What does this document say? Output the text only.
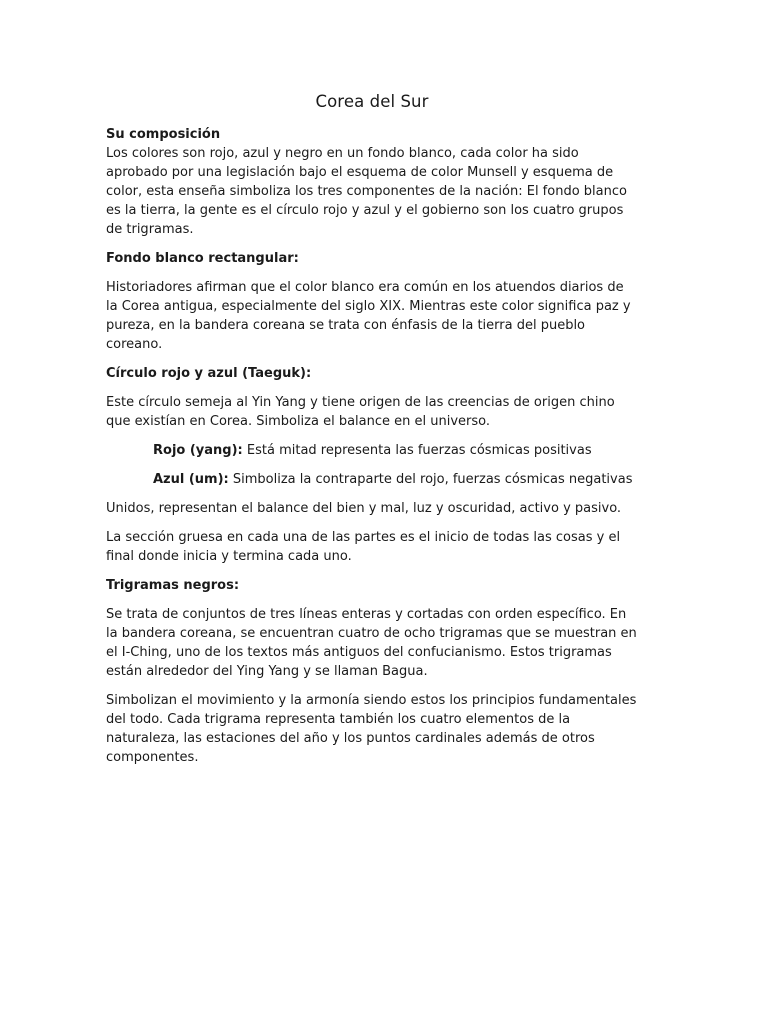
Corea del Sur
Su composición

Los colores son rojo, azul y negro en un fondo blanco, cada color ha sido aprobado por una legislación bajo el esquema de color Munsell y esquema de color, esta enseña simboliza los tres componentes de la nación: El fondo blanco es la tierra, la gente es el círculo rojo y azul y el gobierno son los cuatro grupos de trigramas.

Fondo blanco rectangular:

Historiadores afirman que el color blanco era común en los atuendos diarios de la Corea antigua, especialmente del siglo XIX. Mientras este color significa paz y pureza, en la bandera coreana se trata con énfasis de la tierra del pueblo coreano.

Círculo rojo y azul (Taeguk):

Este círculo semeja al Yin Yang y tiene origen de las creencias de origen chino que existían en Corea. Simboliza el balance en el universo.

Rojo (yang): Está mitad representa las fuerzas cósmicas positivas

Azul (um): Simboliza la contraparte del rojo, fuerzas cósmicas negativas

Unidos, representan el balance del bien y mal, luz y oscuridad, activo y pasivo.

La sección gruesa en cada una de las partes es el inicio de todas las cosas y el final donde inicia y termina cada uno.

Trigramas negros:

Se trata de conjuntos de tres líneas enteras y cortadas con orden específico. En la bandera coreana, se encuentran cuatro de ocho trigramas que se muestran en el I-Ching, uno de los textos más antiguos del confucianismo. Estos trigramas están alrededor del Ying Yang y se llaman Bagua.

Simbolizan el movimiento y la armonía siendo estos los principios fundamentales del todo. Cada trigrama representa también los cuatro elementos de la naturaleza, las estaciones del año y los puntos cardinales además de otros componentes.
